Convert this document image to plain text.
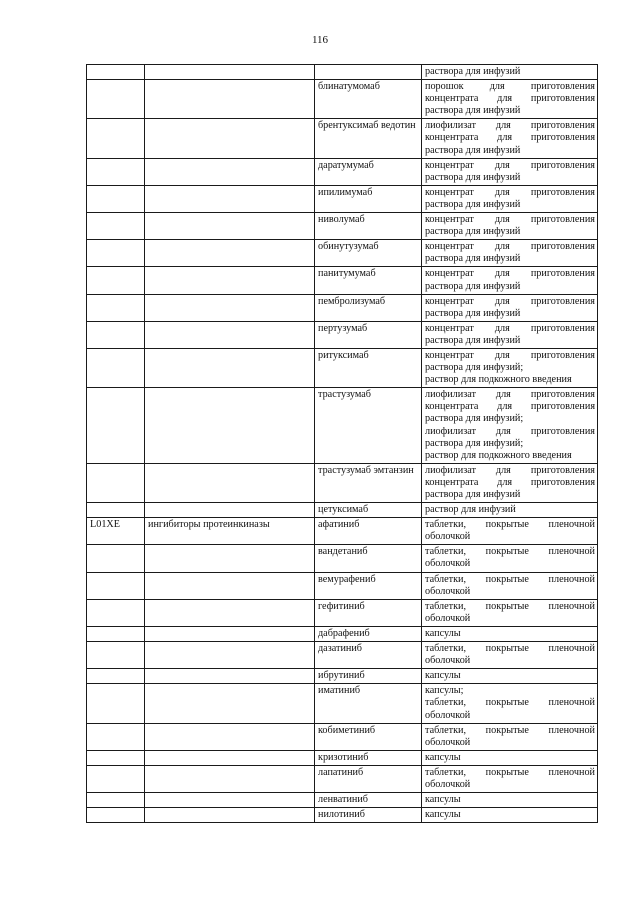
116
			раствора для инфузий
		блинатумомаб	порошок для приготовления концентрата для приготовления раствора для инфузий
		брентуксимаб ведотин	лиофилизат для приготовления концентрата для приготовления раствора для инфузий
		даратумумаб	концентрат для приготовления раствора для инфузий
		ипилимумаб	концентрат для приготовления раствора для инфузий
		ниволумаб	концентрат для приготовления раствора для инфузий
		обинутузумаб	концентрат для приготовления раствора для инфузий
		панитумумаб	концентрат для приготовления раствора для инфузий
		пембролизумаб	концентрат для приготовления раствора для инфузий
		пертузумаб	концентрат для приготовления раствора для инфузий
		ритуксимаб	концентрат для приготовления раствора для инфузий;
раствор для подкожного введения
		трастузумаб	лиофилизат для приготовления концентрата для приготовления раствора для инфузий;
лиофилизат для приготовления раствора для инфузий;
раствор для подкожного введения
		трастузумаб эмтанзин	лиофилизат для приготовления концентрата для приготовления раствора для инфузий
		цетуксимаб	раствор для инфузий
L01XE	ингибиторы протеинкиназы	афатиниб	таблетки, покрытые пленочной оболочкой
		вандетаниб	таблетки, покрытые пленочной оболочкой
		вемурафениб	таблетки, покрытые пленочной оболочкой
		гефитиниб	таблетки, покрытые пленочной оболочкой
		дабрафениб	капсулы
		дазатиниб	таблетки, покрытые пленочной оболочкой
		ибрутиниб	капсулы
		иматиниб	капсулы;
таблетки, покрытые пленочной оболочкой
		кобиметиниб	таблетки, покрытые пленочной оболочкой
		кризотиниб	капсулы
		лапатиниб	таблетки, покрытые пленочной оболочкой
		ленватиниб	капсулы
		нилотиниб	капсулы
